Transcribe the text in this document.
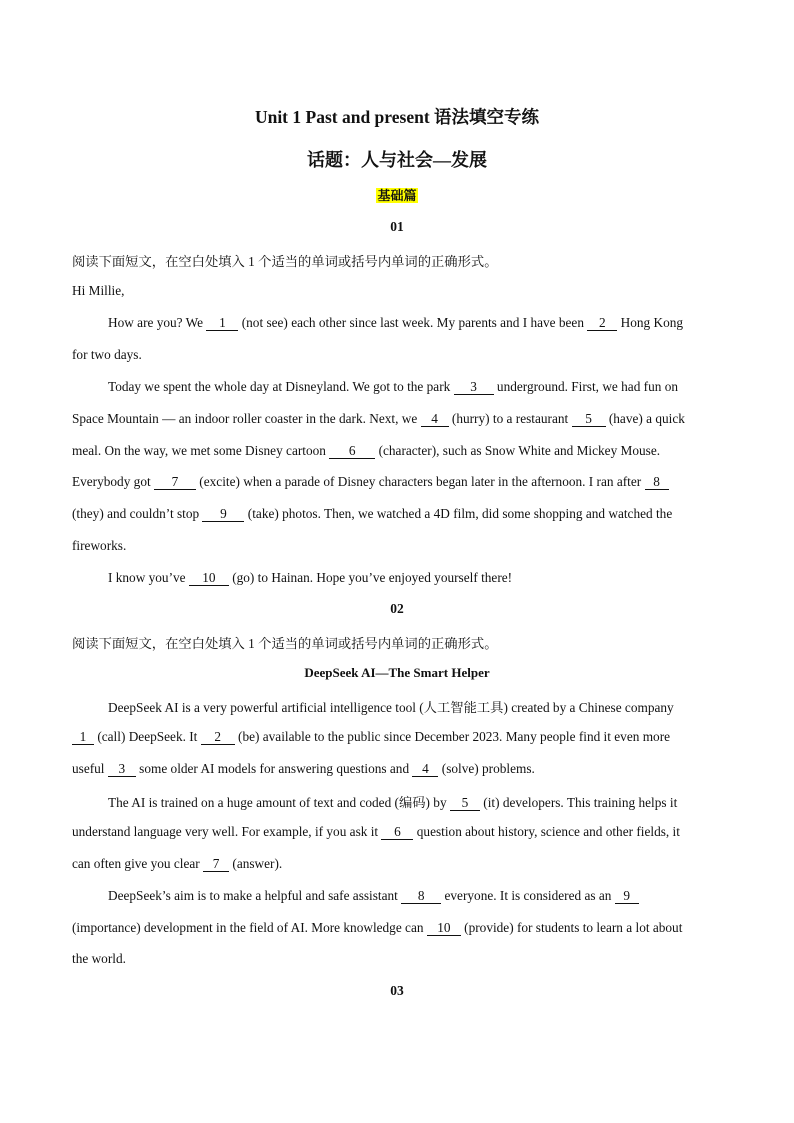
Unit 1 Past and present 语法填空专练
话题：人与社会—发展
基础篇
01
阅读下面短文，在空白处填入 1 个适当的单词或括号内单词的正确形式。
Hi Millie,
How are you? We 1 (not see) each other since last week. My parents and I have been 2 Hong Kong
for two days.
Today we spent the whole day at Disneyland. We got to the park 3 underground. First, we had fun on
Space Mountain — an indoor roller coaster in the dark. Next, we 4 (hurry) to a restaurant 5 (have) a quick
meal. On the way, we met some Disney cartoon 6 (character), such as Snow White and Mickey Mouse.
Everybody got 7 (excite) when a parade of Disney characters began later in the afternoon. I ran after 8
(they) and couldn’t stop 9 (take) photos. Then, we watched a 4D film, did some shopping and watched the
fireworks.
I know you’ve 10 (go) to Hainan. Hope you’ve enjoyed yourself there!
02
阅读下面短文，在空白处填入 1 个适当的单词或括号内单词的正确形式。
DeepSeek AI—The Smart Helper
DeepSeek AI is a very powerful artificial intelligence tool (人工智能工具) created by a Chinese company
1 (call) DeepSeek. It 2 (be) available to the public since December 2023. Many people find it even more
useful 3 some older AI models for answering questions and 4 (solve) problems.
The AI is trained on a huge amount of text and coded (编码) by 5 (it) developers. This training helps it
understand language very well. For example, if you ask it 6 question about history, science and other fields, it
can often give you clear 7 (answer).
DeepSeek’s aim is to make a helpful and safe assistant 8 everyone. It is considered as an 9
(importance) development in the field of AI. More knowledge can 10 (provide) for students to learn a lot about
the world.
03
